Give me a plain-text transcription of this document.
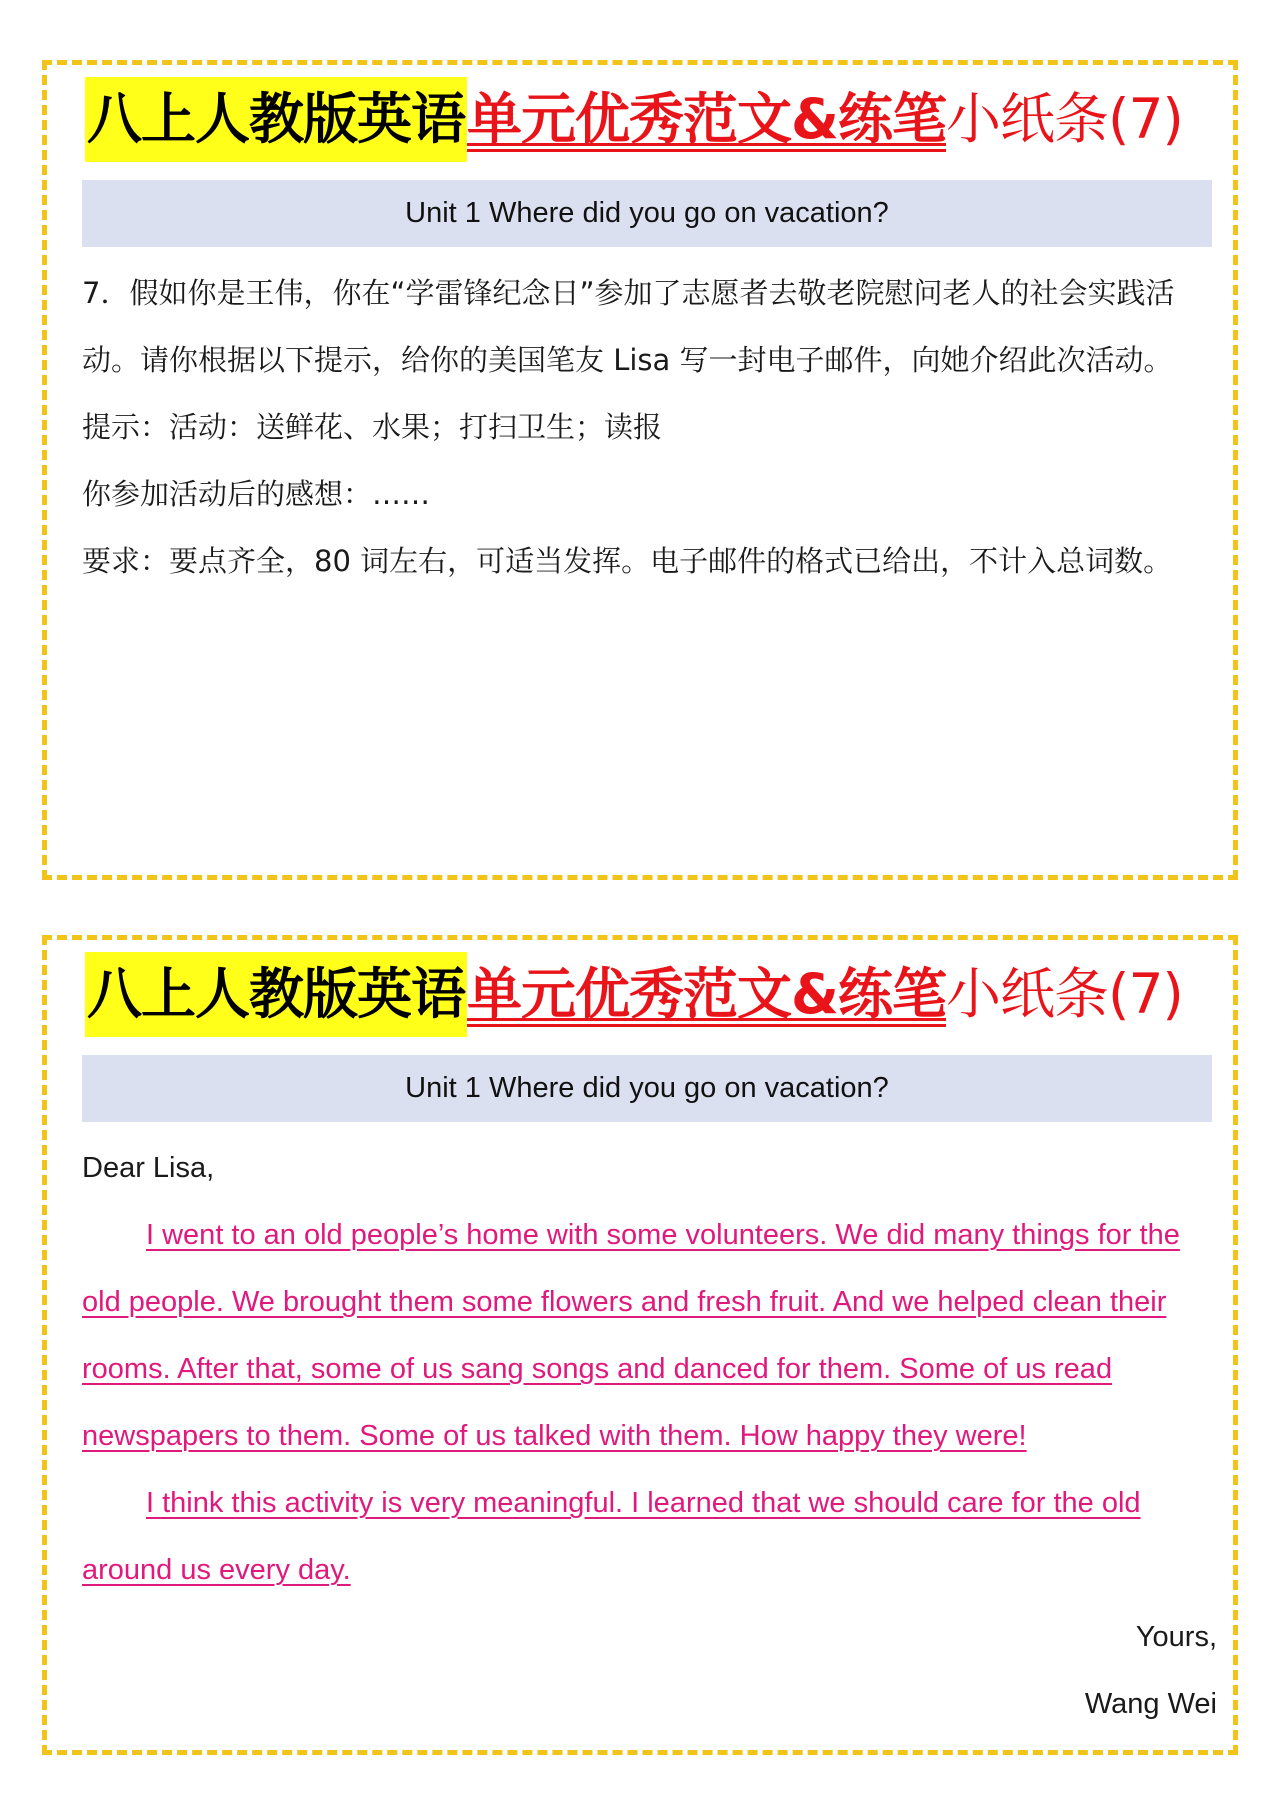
八上人教版英语 单元优秀范文&练笔 小纸条(7)
Unit 1 Where did you go on vacation?

7．假如你是王伟，你在“学雷锋纪念日”参加了志愿者去敬老院慰问老人的社会实践活动。请你根据以下提示，给你的美国笔友 Lisa 写一封电子邮件，向她介绍此次活动。

提示：活动：送鲜花、水果；打扫卫生；读报

你参加活动后的感想：……

要求：要点齐全，80 词左右，可适当发挥。电子邮件的格式已给出，不计入总词数。

八上人教版英语 单元优秀范文&练笔 小纸条(7)
Unit 1 Where did you go on vacation?

Dear Lisa,

I went to an old people’s home with some volunteers. We did many things for the old people. We brought them some flowers and fresh fruit. And we helped clean their rooms. After that, some of us sang songs and danced for them. Some of us read newspapers to them. Some of us talked with them. How happy they were!

I think this activity is very meaningful. I learned that we should care for the old around us every day.

Yours,

Wang Wei
